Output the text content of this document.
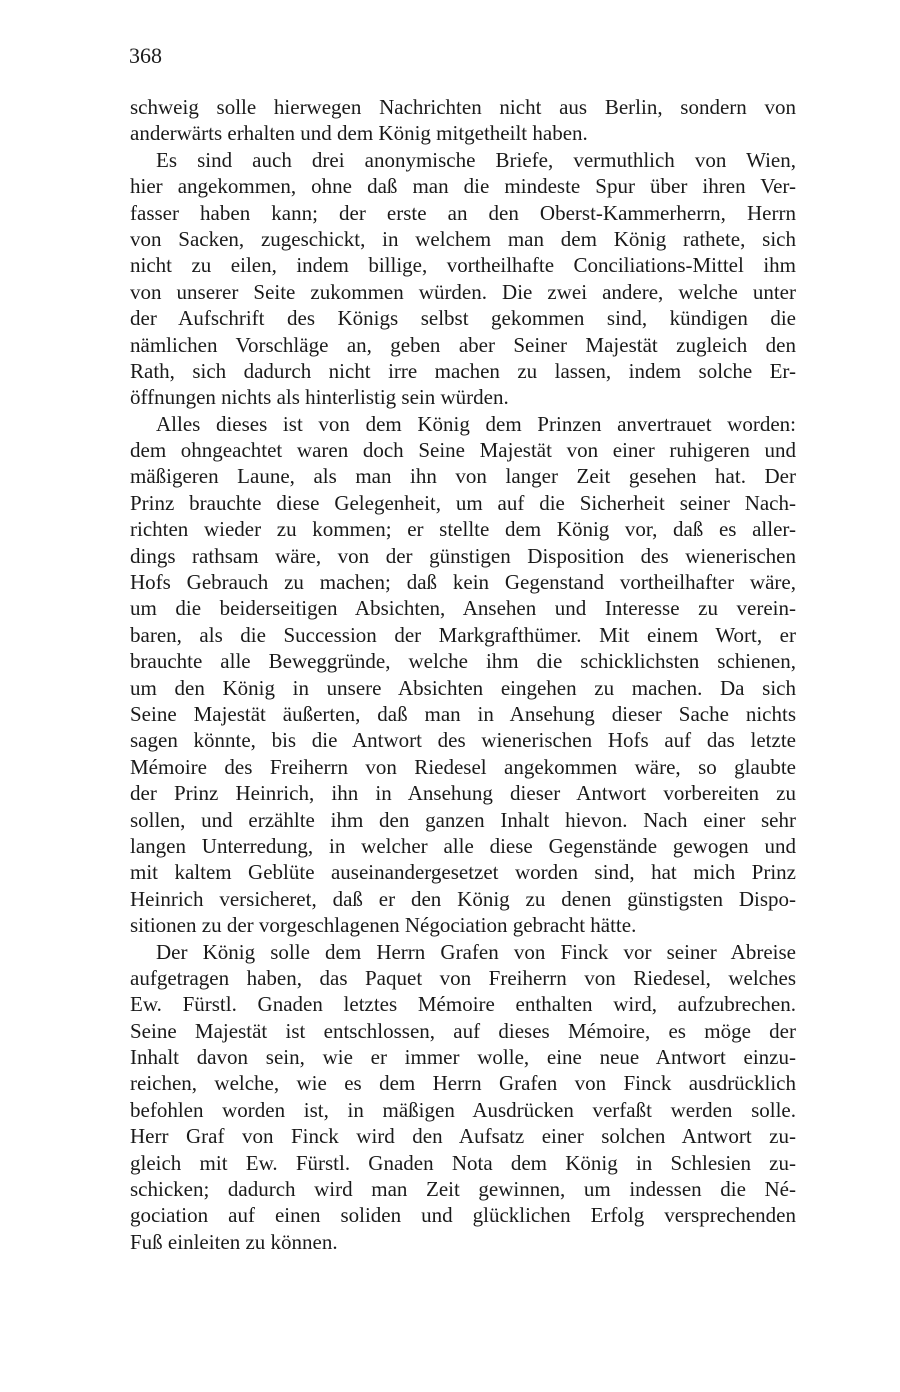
368
schweig solle hierwegen Nachrichten nicht aus Berlin, sondern von
anderwärts erhalten und dem König mitgetheilt haben.
Es sind auch drei anonymische Briefe, vermuthlich von Wien,
hier angekommen, ohne daß man die mindeste Spur über ihren Ver-
fasser haben kann; der erste an den Oberst-Kammerherrn, Herrn
von Sacken, zugeschickt, in welchem man dem König rathete, sich
nicht zu eilen, indem billige, vortheilhafte Conciliations-Mittel ihm
von unserer Seite zukommen würden. Die zwei andere, welche unter
der Aufschrift des Königs selbst gekommen sind, kündigen die
nämlichen Vorschläge an, geben aber Seiner Majestät zugleich den
Rath, sich dadurch nicht irre machen zu lassen, indem solche Er-
öffnungen nichts als hinterlistig sein würden.
Alles dieses ist von dem König dem Prinzen anvertrauet worden:
dem ohngeachtet waren doch Seine Majestät von einer ruhigeren und
mäßigeren Laune, als man ihn von langer Zeit gesehen hat. Der
Prinz brauchte diese Gelegenheit, um auf die Sicherheit seiner Nach-
richten wieder zu kommen; er stellte dem König vor, daß es aller-
dings rathsam wäre, von der günstigen Disposition des wienerischen
Hofs Gebrauch zu machen; daß kein Gegenstand vortheilhafter wäre,
um die beiderseitigen Absichten, Ansehen und Interesse zu verein-
baren, als die Succession der Markgrafthümer. Mit einem Wort, er
brauchte alle Beweggründe, welche ihm die schicklichsten schienen,
um den König in unsere Absichten eingehen zu machen. Da sich
Seine Majestät äußerten, daß man in Ansehung dieser Sache nichts
sagen könnte, bis die Antwort des wienerischen Hofs auf das letzte
Mémoire des Freiherrn von Riedesel angekommen wäre, so glaubte
der Prinz Heinrich, ihn in Ansehung dieser Antwort vorbereiten zu
sollen, und erzählte ihm den ganzen Inhalt hievon. Nach einer sehr
langen Unterredung, in welcher alle diese Gegenstände gewogen und
mit kaltem Geblüte auseinandergesetzet worden sind, hat mich Prinz
Heinrich versicheret, daß er den König zu denen günstigsten Dispo-
sitionen zu der vorgeschlagenen Négociation gebracht hätte.
Der König solle dem Herrn Grafen von Finck vor seiner Abreise
aufgetragen haben, das Paquet von Freiherrn von Riedesel, welches
Ew. Fürstl. Gnaden letztes Mémoire enthalten wird, aufzubrechen.
Seine Majestät ist entschlossen, auf dieses Mémoire, es möge der
Inhalt davon sein, wie er immer wolle, eine neue Antwort einzu-
reichen, welche, wie es dem Herrn Grafen von Finck ausdrücklich
befohlen worden ist, in mäßigen Ausdrücken verfaßt werden solle.
Herr Graf von Finck wird den Aufsatz einer solchen Antwort zu-
gleich mit Ew. Fürstl. Gnaden Nota dem König in Schlesien zu-
schicken; dadurch wird man Zeit gewinnen, um indessen die Né-
gociation auf einen soliden und glücklichen Erfolg versprechenden
Fuß einleiten zu können.
